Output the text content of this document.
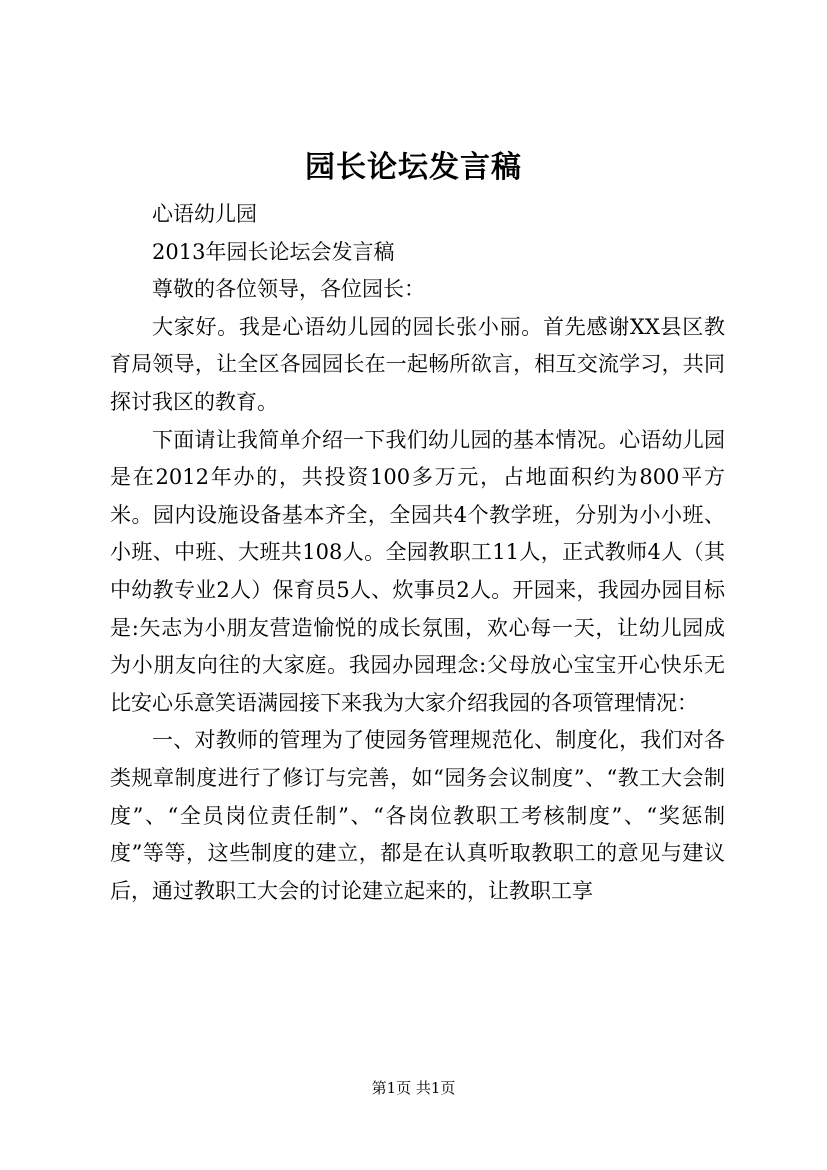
园长论坛发言稿

心语幼儿园

2013年园长论坛会发言稿

尊敬的各位领导，各位园长：

大家好。我是心语幼儿园的园长张小丽。首先感谢XX县区教育局领导，让全区各园园长在一起畅所欲言，相互交流学习，共同探讨我区的教育。

下面请让我简单介绍一下我们幼儿园的基本情况。心语幼儿园是在2012年办的，共投资100多万元，占地面积约为800平方米。园内设施设备基本齐全，全园共4个教学班，分别为小小班、小班、中班、大班共108人。全园教职工11人，正式教师4人（其中幼教专业2人）保育员5人、炊事员2人。开园来，我园办园目标是:矢志为小朋友营造愉悦的成长氛围，欢心每一天，让幼儿园成为小朋友向往的大家庭。我园办园理念:父母放心宝宝开心快乐无比安心乐意笑语满园接下来我为大家介绍我园的各项管理情况：

一、对教师的管理为了使园务管理规范化、制度化，我们对各类规章制度进行了修订与完善，如“园务会议制度”、“教工大会制度”、“全员岗位责任制”、“各岗位教职工考核制度”、“奖惩制度”等等，这些制度的建立，都是在认真听取教职工的意见与建议后，通过教职工大会的讨论建立起来的，让教职工享

第1页 共1页
